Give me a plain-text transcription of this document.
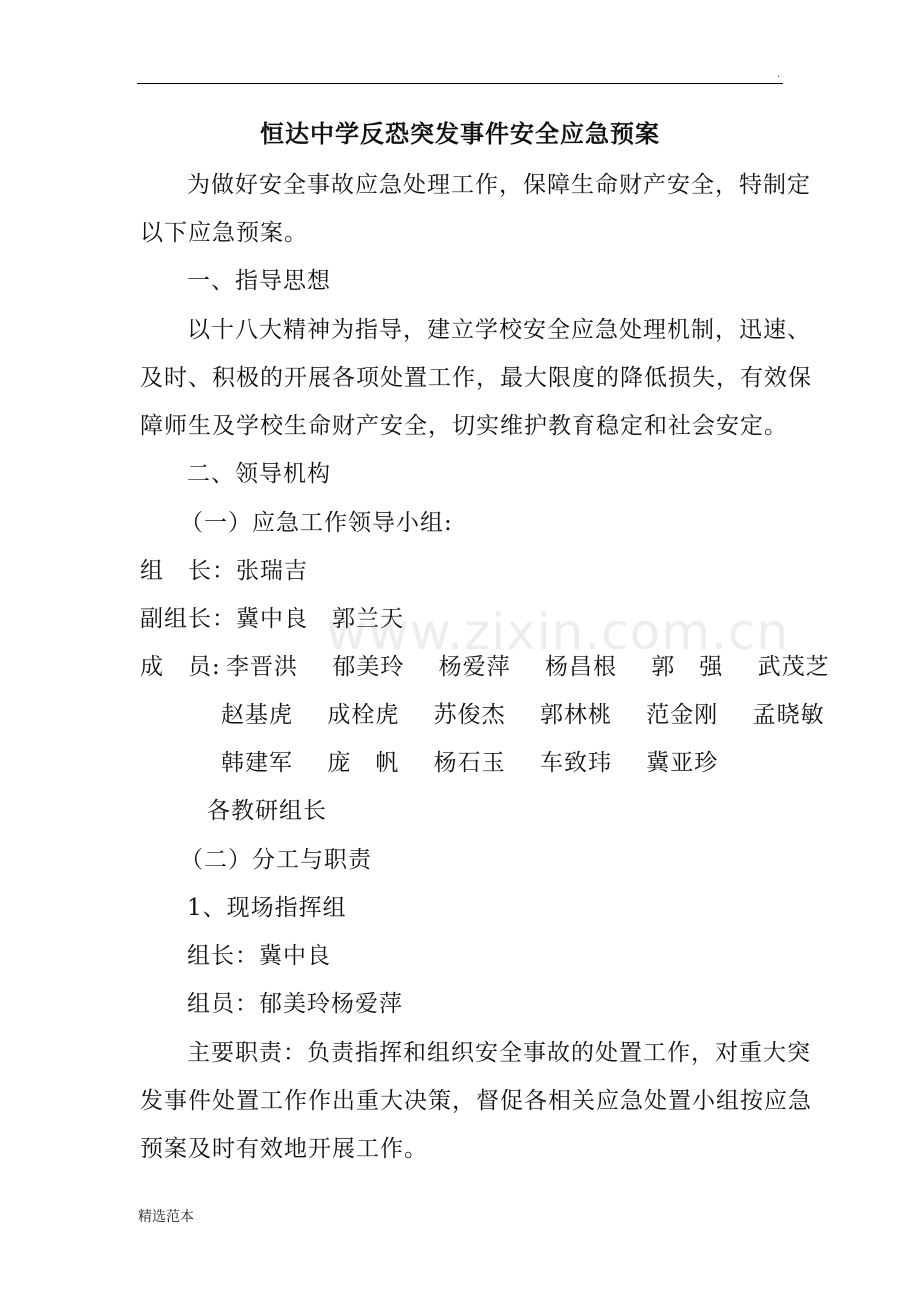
.
www.zixin.com.cn
恒达中学反恐突发事件安全应急预案
为做好安全事故应急处理工作，保障生命财产安全，特制定
以下应急预案。
一、指导思想
以十八大精神为指导，建立学校安全应急处理机制，迅速、
及时、积极的开展各项处置工作，最大限度的降低损失，有效保
障师生及学校生命财产安全，切实维护教育稳定和社会安定。
二、领导机构
（一）应急工作领导小组:
组　长：张瑞吉
副组长：冀中良　郭兰天
成　员: 李晋洪 郁美玲 杨爱萍 杨昌根 郭　强 武茂芝
赵基虎 成栓虎 苏俊杰 郭林桃 范金刚 孟晓敏
韩建军 庞　帆 杨石玉 车致玮 冀亚珍
各教研组长
（二）分工与职责
1、现场指挥组
组长：冀中良
组员：郁美玲杨爱萍
主要职责：负责指挥和组织安全事故的处置工作，对重大突
发事件处置工作作出重大决策，督促各相关应急处置小组按应急
预案及时有效地开展工作。
精选范本
